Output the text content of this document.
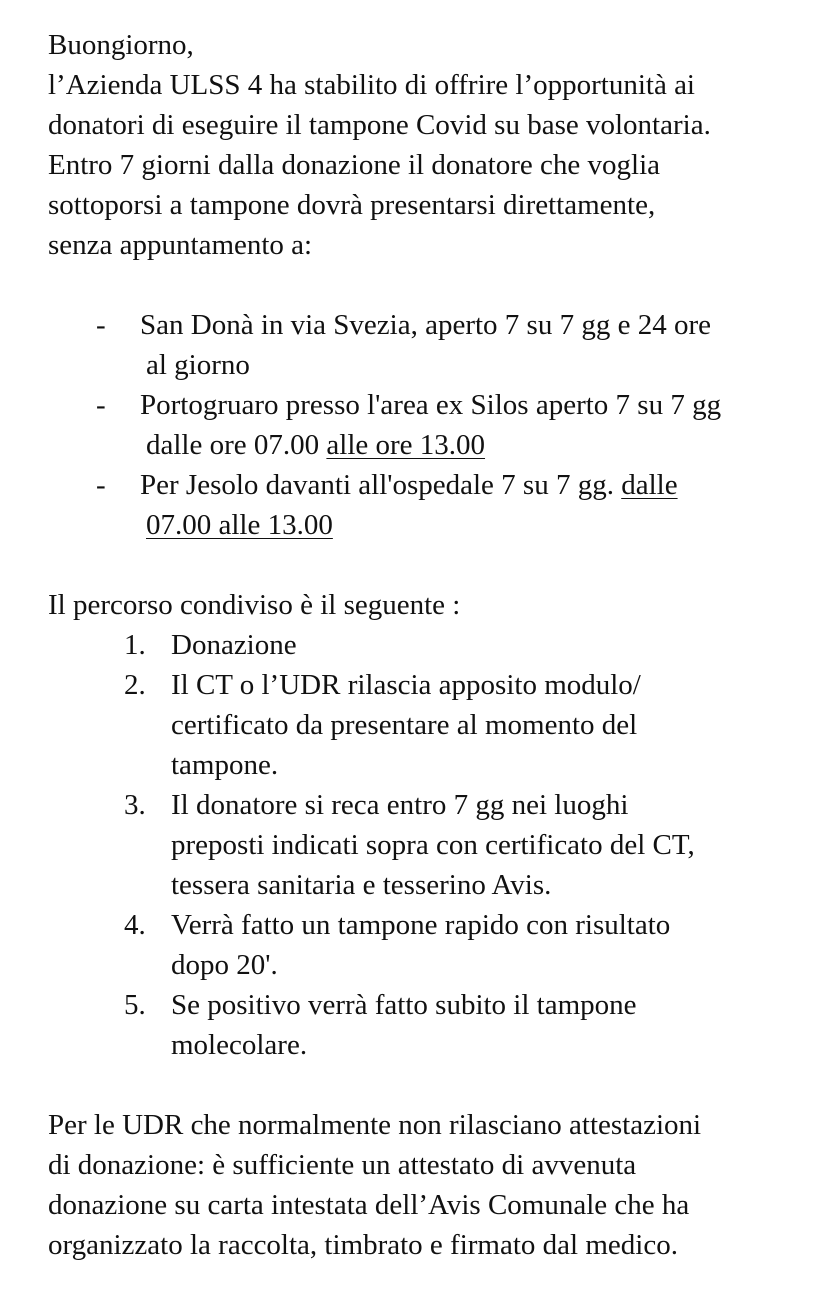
Buongiorno,

l’Azienda ULSS 4 ha stabilito di offrire l’opportunità ai

donatori di eseguire il tampone Covid su base volontaria.

Entro 7 giorni dalla donazione il donatore che voglia

sottoporsi a tampone dovrà presentarsi direttamente,

senza appuntamento a:

- San Donà in via Svezia, aperto 7 su 7 gg e 24 ore
al giorno
- Portogruaro presso l'area ex Silos aperto 7 su 7 gg
dalle ore 07.00 alle ore 13.00
- Per Jesolo davanti all'ospedale 7 su 7 gg. dalle
07.00 alle 13.00

Il percorso condiviso è il seguente :

1. Donazione

2. Il CT o l’UDR rilascia apposito modulo/

certificato da presentare al momento del

tampone.

3. Il donatore si reca entro 7 gg nei luoghi

preposti indicati sopra con certificato del CT,

tessera sanitaria e tesserino Avis.

4. Verrà fatto un tampone rapido con risultato

dopo 20'.

5. Se positivo verrà fatto subito il tampone

molecolare.

Per le UDR che normalmente non rilasciano attestazioni

di donazione: è sufficiente un attestato di avvenuta

donazione su carta intestata dell’Avis Comunale che ha

organizzato la raccolta, timbrato e firmato dal medico.
